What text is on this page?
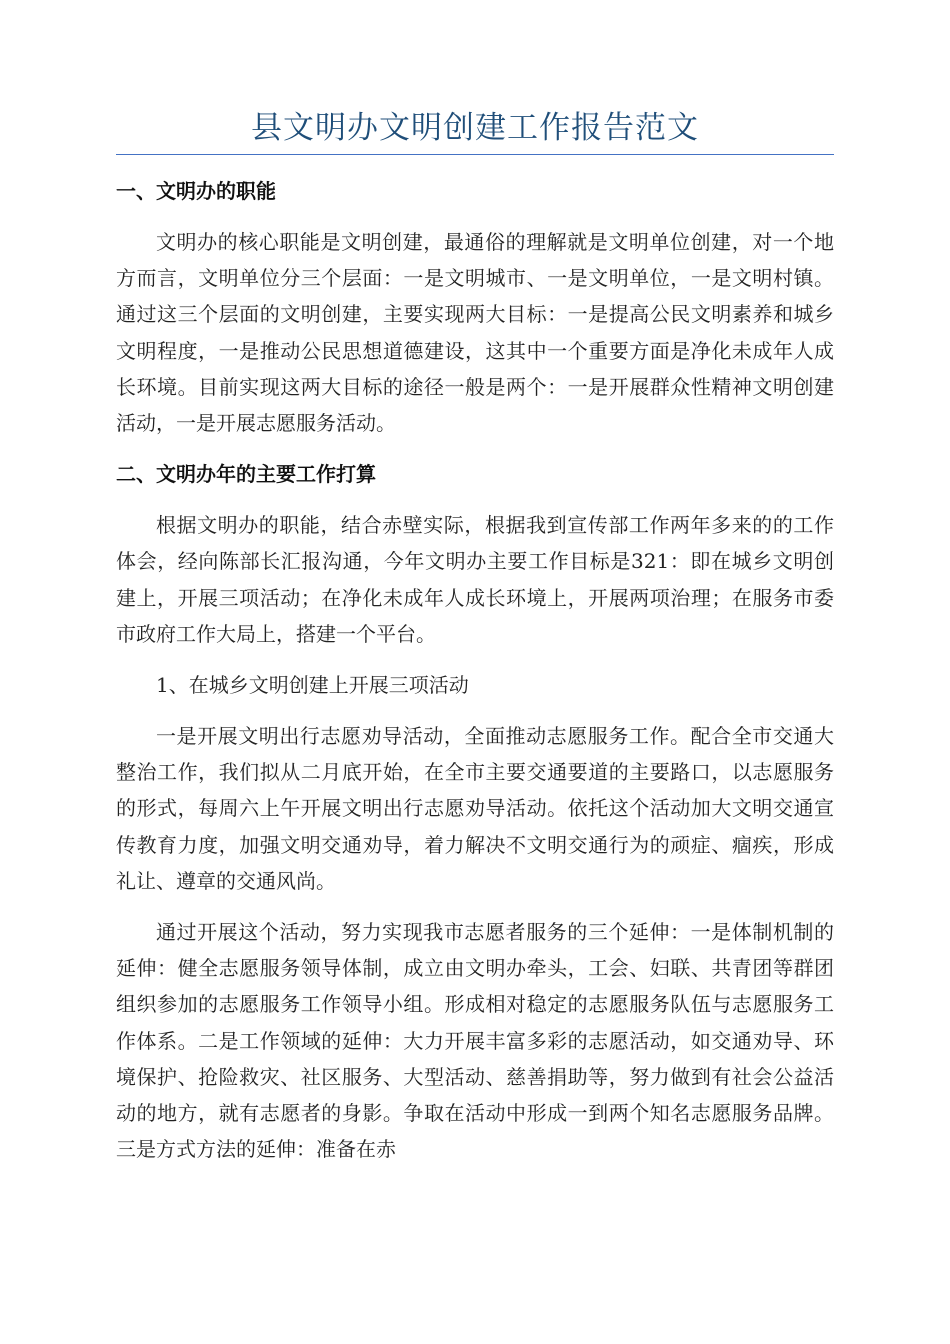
县文明办文明创建工作报告范文
一、文明办的职能

文明办的核心职能是文明创建，最通俗的理解就是文明单位创建，对一个地方而言，文明单位分三个层面：一是文明城市、一是文明单位，一是文明村镇。通过这三个层面的文明创建，主要实现两大目标：一是提高公民文明素养和城乡文明程度，一是推动公民思想道德建设，这其中一个重要方面是净化未成年人成长环境。目前实现这两大目标的途径一般是两个：一是开展群众性精神文明创建活动，一是开展志愿服务活动。

二、文明办年的主要工作打算

根据文明办的职能，结合赤壁实际，根据我到宣传部工作两年多来的的工作体会，经向陈部长汇报沟通，今年文明办主要工作目标是321：即在城乡文明创建上，开展三项活动；在净化未成年人成长环境上，开展两项治理；在服务市委市政府工作大局上，搭建一个平台。

1、在城乡文明创建上开展三项活动

一是开展文明出行志愿劝导活动，全面推动志愿服务工作。配合全市交通大整治工作，我们拟从二月底开始，在全市主要交通要道的主要路口，以志愿服务的形式，每周六上午开展文明出行志愿劝导活动。依托这个活动加大文明交通宣传教育力度，加强文明交通劝导，着力解决不文明交通行为的顽症、痼疾，形成礼让、遵章的交通风尚。

通过开展这个活动，努力实现我市志愿者服务的三个延伸：一是体制机制的延伸：健全志愿服务领导体制，成立由文明办牵头，工会、妇联、共青团等群团组织参加的志愿服务工作领导小组。形成相对稳定的志愿服务队伍与志愿服务工作体系。二是工作领域的延伸：大力开展丰富多彩的志愿活动，如交通劝导、环境保护、抢险救灾、社区服务、大型活动、慈善捐助等，努力做到有社会公益活动的地方，就有志愿者的身影。争取在活动中形成一到两个知名志愿服务品牌。三是方式方法的延伸：准备在赤
